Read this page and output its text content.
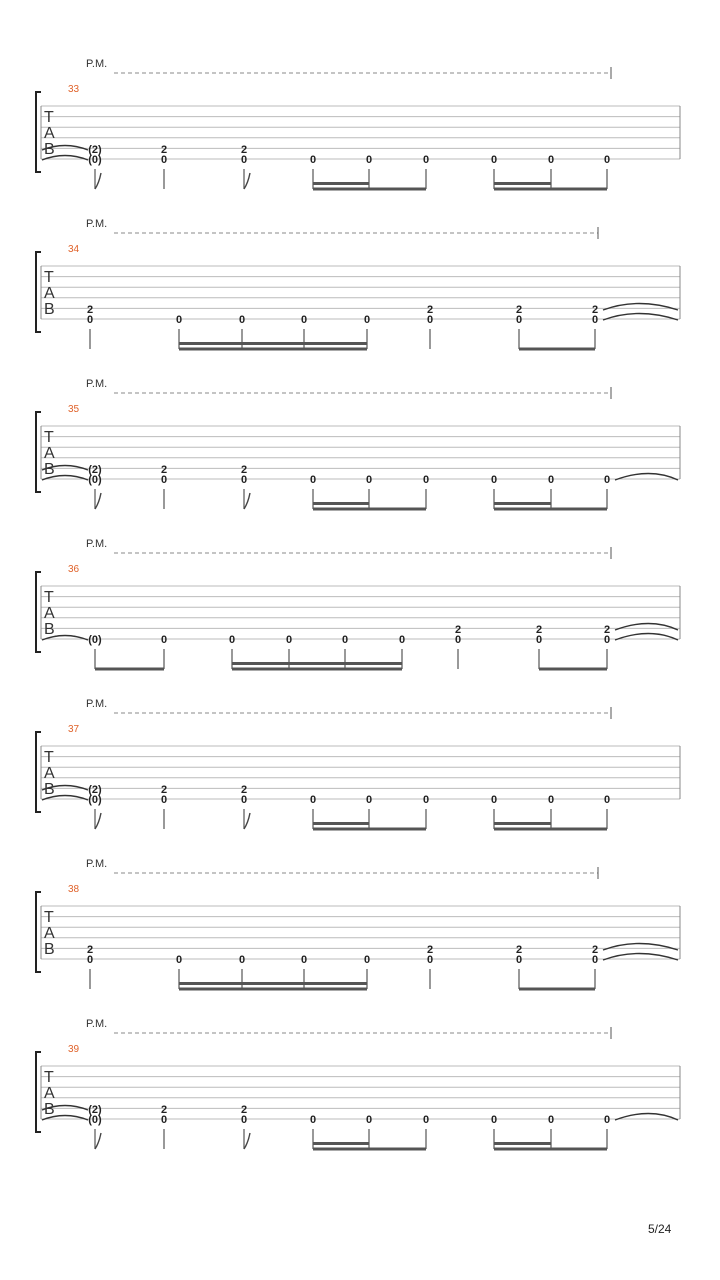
P.M.
33
T
A
B	(2)
(0)
2
0
2
0	0	0	0	0	0	0
P.M.
34
T
A
B	2
0	0	0	0	0
2
0
2
0
2
0
P.M.
35
T
A
B	(2)
(0)
2
0
2
0	0	0	0	0	0	0
P.M.
36
T
A
B
(0)	0	0	0	0	0
2
0
2
0
2
0
P.M.
37
T
A
B	(2)
(0)
2
0
2
0	0	0	0	0	0	0
P.M.
38
T
A
B	2
0	0	0	0	0
2
0
2
0
2
0
P.M.
39
T
A
B	(2)
(0)
2
0
2
0	0	0	0	0	0	0
5/24
